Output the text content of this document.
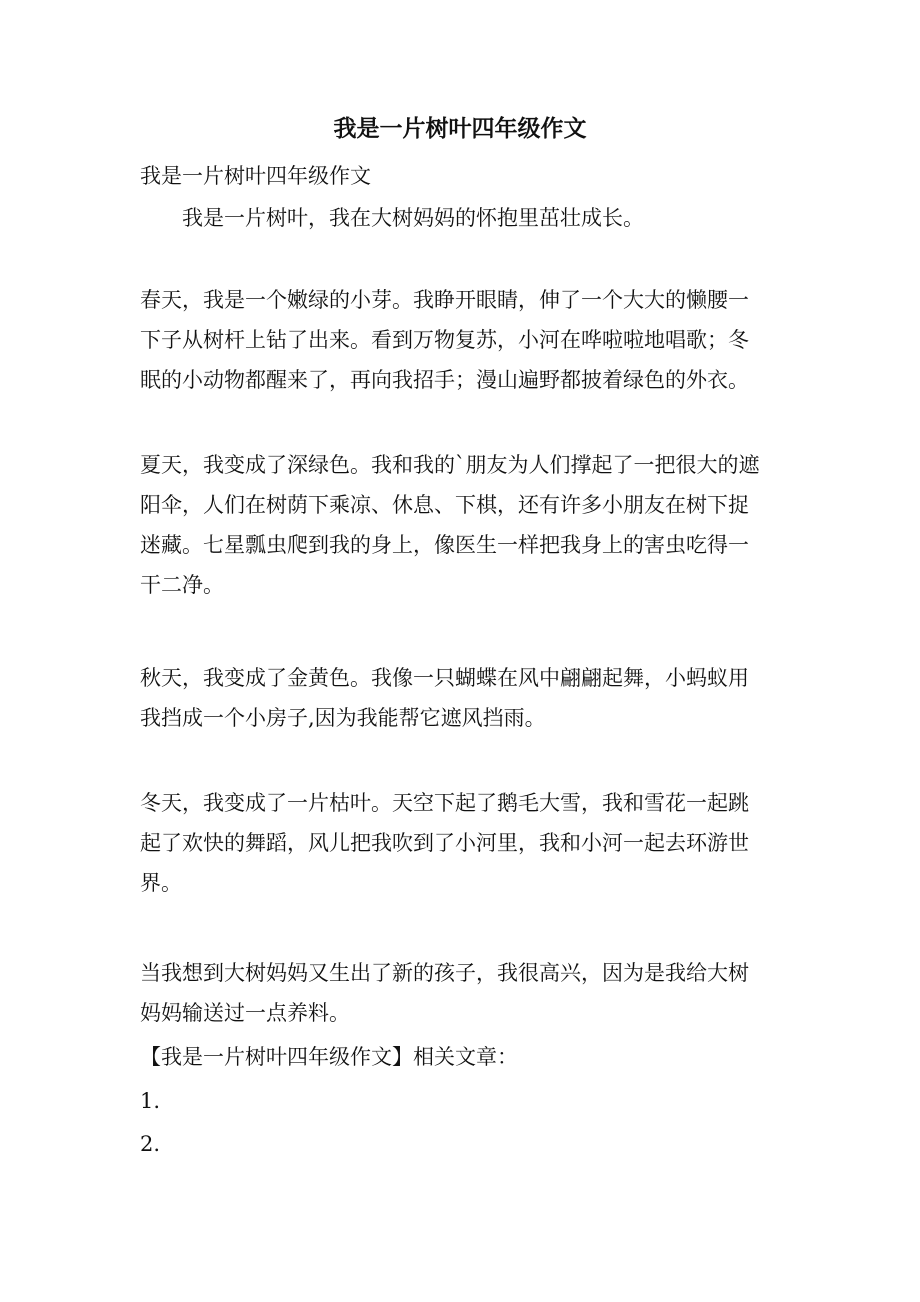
我是一片树叶四年级作文
我是一片树叶四年级作文
我是一片树叶，我在大树妈妈的怀抱里茁壮成长。
春天，我是一个嫩绿的小芽。我睁开眼睛，伸了一个大大的懒腰一
下子从树杆上钻了出来。看到万物复苏，小河在哗啦啦地唱歌；冬
眠的小动物都醒来了，再向我招手；漫山遍野都披着绿色的外衣。
夏天，我变成了深绿色。我和我的`朋友为人们撑起了一把很大的遮
阳伞，人们在树荫下乘凉、休息、下棋，还有许多小朋友在树下捉
迷藏。七星瓢虫爬到我的身上，像医生一样把我身上的害虫吃得一
干二净。
秋天，我变成了金黄色。我像一只蝴蝶在风中翩翩起舞，小蚂蚁用
我挡成一个小房子,因为我能帮它遮风挡雨。
冬天，我变成了一片枯叶。天空下起了鹅毛大雪，我和雪花一起跳
起了欢快的舞蹈，风儿把我吹到了小河里，我和小河一起去环游世
界。
当我想到大树妈妈又生出了新的孩子，我很高兴，因为是我给大树
妈妈输送过一点养料。
【我是一片树叶四年级作文】相关文章：
1.
2.
